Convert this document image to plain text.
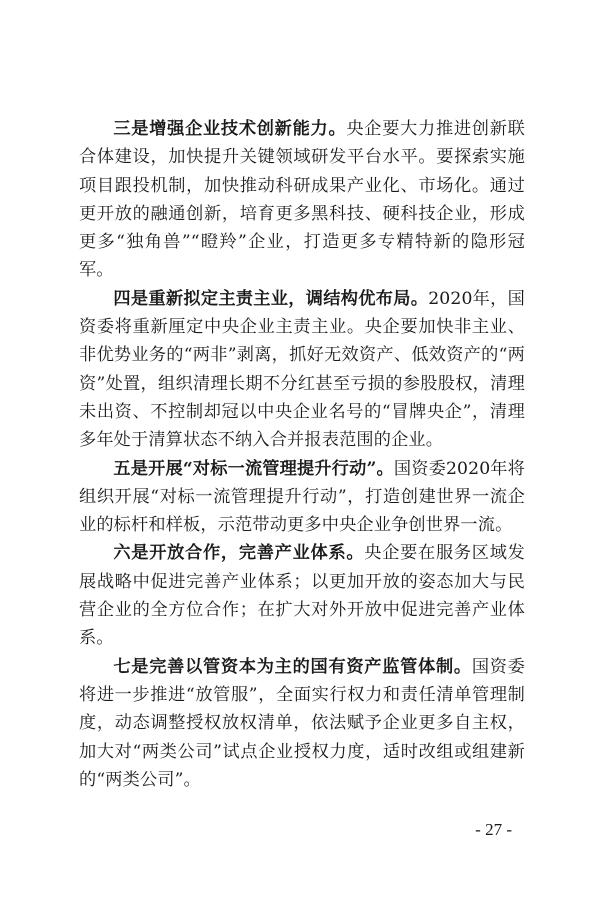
三是增强企业技术创新能力。央企要大力推进创新联合体建设，加快提升关键领域研发平台水平。要探索实施项目跟投机制，加快推动科研成果产业化、市场化。通过更开放的融通创新，培育更多黑科技、硬科技企业，形成更多“独角兽”“瞪羚”企业，打造更多专精特新的隐形冠军。

四是重新拟定主责主业，调结构优布局。2020年，国资委将重新厘定中央企业主责主业。央企要加快非主业、非优势业务的“两非”剥离，抓好无效资产、低效资产的“两资”处置，组织清理长期不分红甚至亏损的参股股权，清理未出资、不控制却冠以中央企业名号的“冒牌央企”，清理多年处于清算状态不纳入合并报表范围的企业。

五是开展“对标一流管理提升行动”。国资委2020年将组织开展“对标一流管理提升行动”，打造创建世界一流企业的标杆和样板，示范带动更多中央企业争创世界一流。

六是开放合作，完善产业体系。央企要在服务区域发展战略中促进完善产业体系；以更加开放的姿态加大与民营企业的全方位合作；在扩大对外开放中促进完善产业体系。

七是完善以管资本为主的国有资产监管体制。国资委将进一步推进“放管服”，全面实行权力和责任清单管理制度，动态调整授权放权清单，依法赋予企业更多自主权，加大对“两类公司”试点企业授权力度，适时改组或组建新的“两类公司”。

- 27 -
